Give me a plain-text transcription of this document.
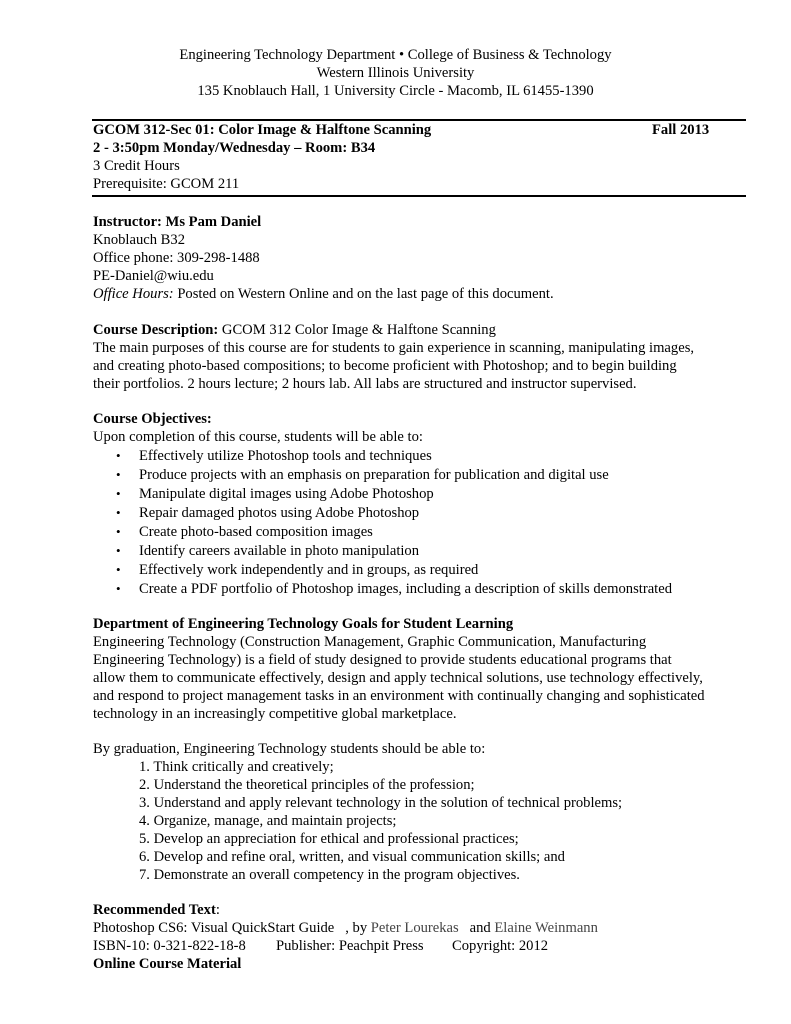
Engineering Technology Department • College of Business & Technology
Western Illinois University
135 Knoblauch Hall, 1 University Circle - Macomb, IL 61455-1390
GCOM 312-Sec 01: Color Image & Halftone Scanning	Fall 2013
2 - 3:50pm Monday/Wednesday – Room: B34
3 Credit Hours
Prerequisite: GCOM 211
Instructor: Ms Pam Daniel
Knoblauch B32
Office phone: 309-298-1488
PE-Daniel@wiu.edu
Office Hours: Posted on Western Online and on the last page of this document.
Course Description: GCOM 312 Color Image & Halftone Scanning
The main purposes of this course are for students to gain experience in scanning, manipulating images,
and creating photo-based compositions; to become proficient with Photoshop; and to begin building
their portfolios. 2 hours lecture; 2 hours lab. All labs are structured and instructor supervised.
Course Objectives:
Upon completion of this course, students will be able to:
• Effectively utilize Photoshop tools and techniques
• Produce projects with an emphasis on preparation for publication and digital use
• Manipulate digital images using Adobe Photoshop
• Repair damaged photos using Adobe Photoshop
• Create photo-based composition images
• Identify careers available in photo manipulation
• Effectively work independently and in groups, as required
• Create a PDF portfolio of Photoshop images, including a description of skills demonstrated
Department of Engineering Technology Goals for Student Learning
Engineering Technology (Construction Management, Graphic Communication, Manufacturing
Engineering Technology) is a field of study designed to provide students educational programs that
allow them to communicate effectively, design and apply technical solutions, use technology effectively,
and respond to project management tasks in an environment with continually changing and sophisticated
technology in an increasingly competitive global marketplace.
By graduation, Engineering Technology students should be able to:
1. Think critically and creatively;
2. Understand the theoretical principles of the profession;
3. Understand and apply relevant technology in the solution of technical problems;
4. Organize, manage, and maintain projects;
5. Develop an appreciation for ethical and professional practices;
6. Develop and refine oral, written, and visual communication skills; and
7. Demonstrate an overall competency in the program objectives.
Recommended Text:
Photoshop CS6: Visual QuickStart Guide   , by Peter Lourekas   and Elaine Weinmann
ISBN-10: 0-321-822-18-8 Publisher: Peachpit Press Copyright: 2012
Online Course Material
